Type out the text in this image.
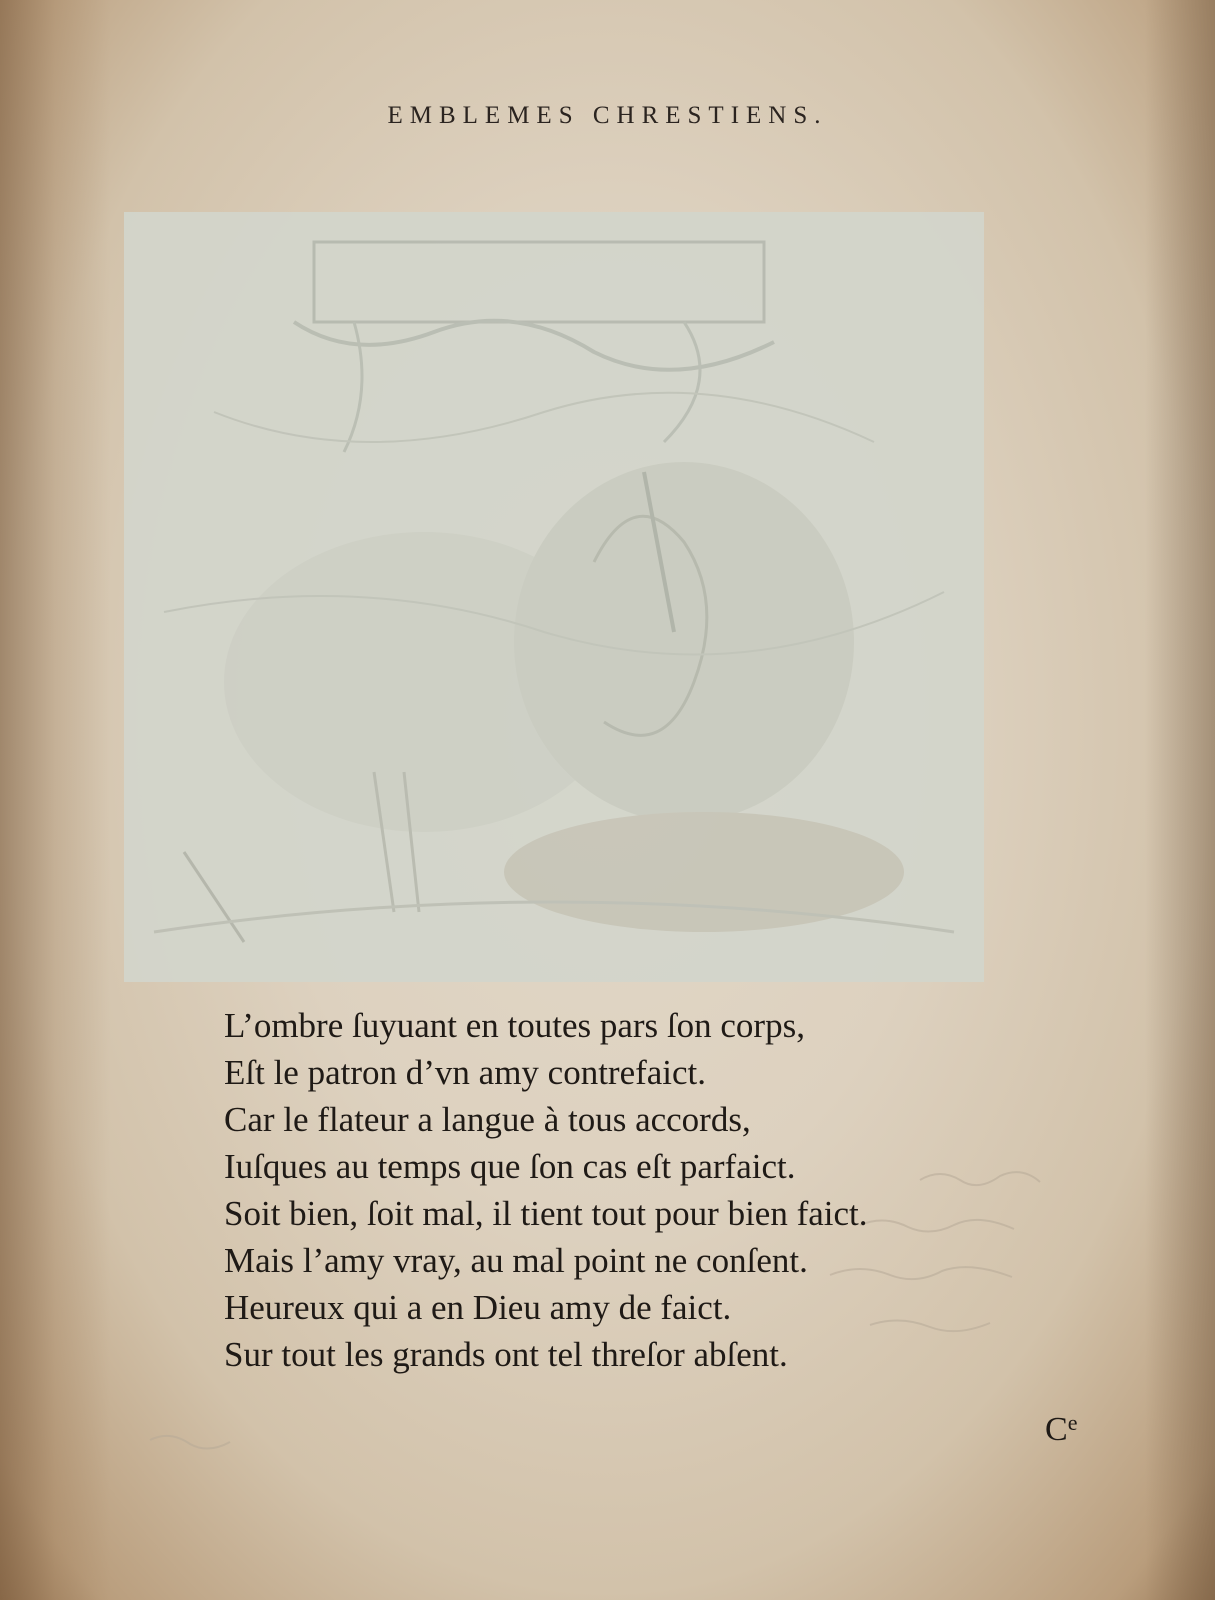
EMBLEMES CHRESTIENS.
L’ombre ſuyuant en toutes pars ſon corps,
Eſt le patron d’vn amy contrefaict.
Car le flateur a langue à tous accords,
Iuſques au temps que ſon cas eſt parfaict.
Soit bien, ſoit mal, il tient tout pour bien faict.
Mais l’amy vray, au mal point ne conſent.
Heureux qui a en Dieu amy de faict.
Sur tout les grands ont tel threſor abſent.
Ce
